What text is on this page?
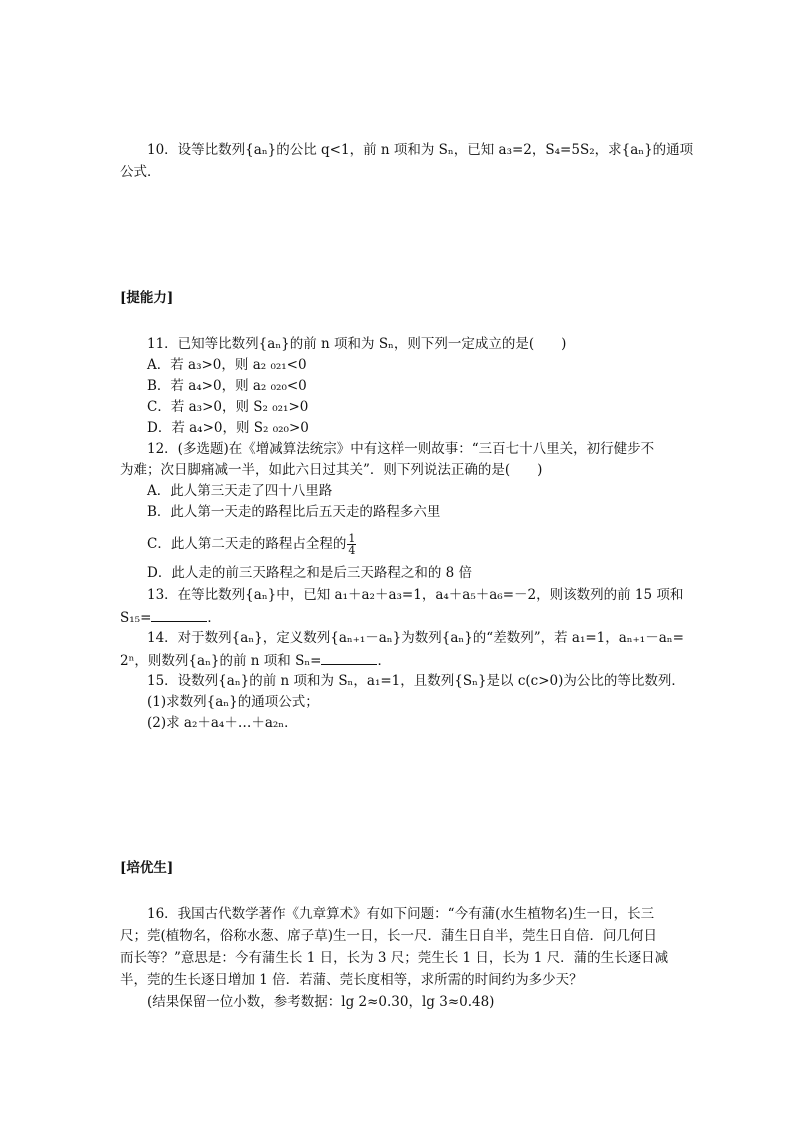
10．设等比数列{aₙ}的公比 q<1，前 n 项和为 Sₙ，已知 a₃=2，S₄=5S₂，求{aₙ}的通项
公式．
[提能力]
11．已知等比数列{aₙ}的前 n 项和为 Sₙ，则下列一定成立的是(　　)
A．若 a₃>0，则 a₂ ₀₂₁<0
B．若 a₄>0，则 a₂ ₀₂₀<0
C．若 a₃>0，则 S₂ ₀₂₁>0
D．若 a₄>0，则 S₂ ₀₂₀>0
12．(多选题)在《增减算法统宗》中有这样一则故事：“三百七十八里关，初行健步不
为难；次日脚痛减一半，如此六日过其关”．则下列说法正确的是(　　)
A．此人第三天走了四十八里路
B．此人第一天走的路程比后五天走的路程多六里
C．此人第二天走的路程占全程的 $\frac{1}{4}$
D．此人走的前三天路程之和是后三天路程之和的 8 倍
13．在等比数列{aₙ}中，已知 a₁＋a₂＋a₃=1，a₄＋a₅＋a₆=－2，则该数列的前 15 项和
S₁₅=	．
14．对于数列{aₙ}，定义数列{aₙ₊₁－aₙ}为数列{aₙ}的“差数列”，若 a₁=1，aₙ₊₁－aₙ=
2ⁿ，则数列{aₙ}的前 n 项和 Sₙ=	．
15．设数列{aₙ}的前 n 项和为 Sₙ，a₁=1，且数列{Sₙ}是以 c(c>0)为公比的等比数列．
(1)求数列{aₙ}的通项公式；
(2)求 a₂＋a₄＋…＋a₂ₙ．
[培优生]
16．我国古代数学著作《九章算术》有如下问题：“今有蒲(水生植物名)生一日，长三
尺；莞(植物名，俗称水葱、席子草)生一日，长一尺．蒲生日自半，莞生日自倍．问几何日
而长等？”意思是：今有蒲生长 1 日，长为 3 尺；莞生长 1 日，长为 1 尺．蒲的生长逐日减
半，莞的生长逐日增加 1 倍．若蒲、莞长度相等，求所需的时间约为多少天？
(结果保留一位小数，参考数据：lg 2≈0.30，lg 3≈0.48)
